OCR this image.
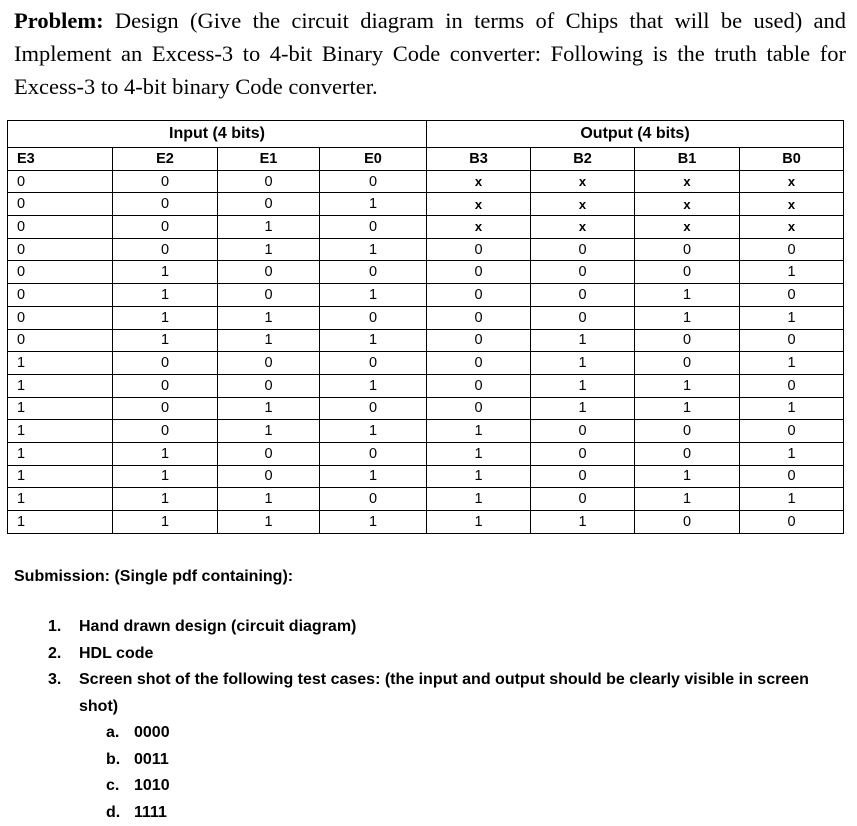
Problem: Design (Give the circuit diagram in terms of Chips that will be used) and Implement an Excess-3 to 4-bit Binary Code converter: Following is the truth table for Excess-3 to 4-bit binary Code converter.
Input (4 bits)				Output (4 bits)			
E3	E2	E1	E0	B3	B2	B1	B0
0	0	0	0	x	x	x	x
0	0	0	1	x	x	x	x
0	0	1	0	x	x	x	x
0	0	1	1	0	0	0	0
0	1	0	0	0	0	0	1
0	1	0	1	0	0	1	0
0	1	1	0	0	0	1	1
0	1	1	1	0	1	0	0
1	0	0	0	0	1	0	1
1	0	0	1	0	1	1	0
1	0	1	0	0	1	1	1
1	0	1	1	1	0	0	0
1	1	0	0	1	0	0	1
1	1	0	1	1	0	1	0
1	1	1	0	1	0	1	1
1	1	1	1	1	1	0	0
Submission: (Single pdf containing):
1.	Hand drawn design (circuit diagram)
2.	HDL code
3.	Screen shot of the following test cases: (the input and output should be clearly visible in screen shot)
a. 0000
b. 0011
c. 1010
d. 1111
